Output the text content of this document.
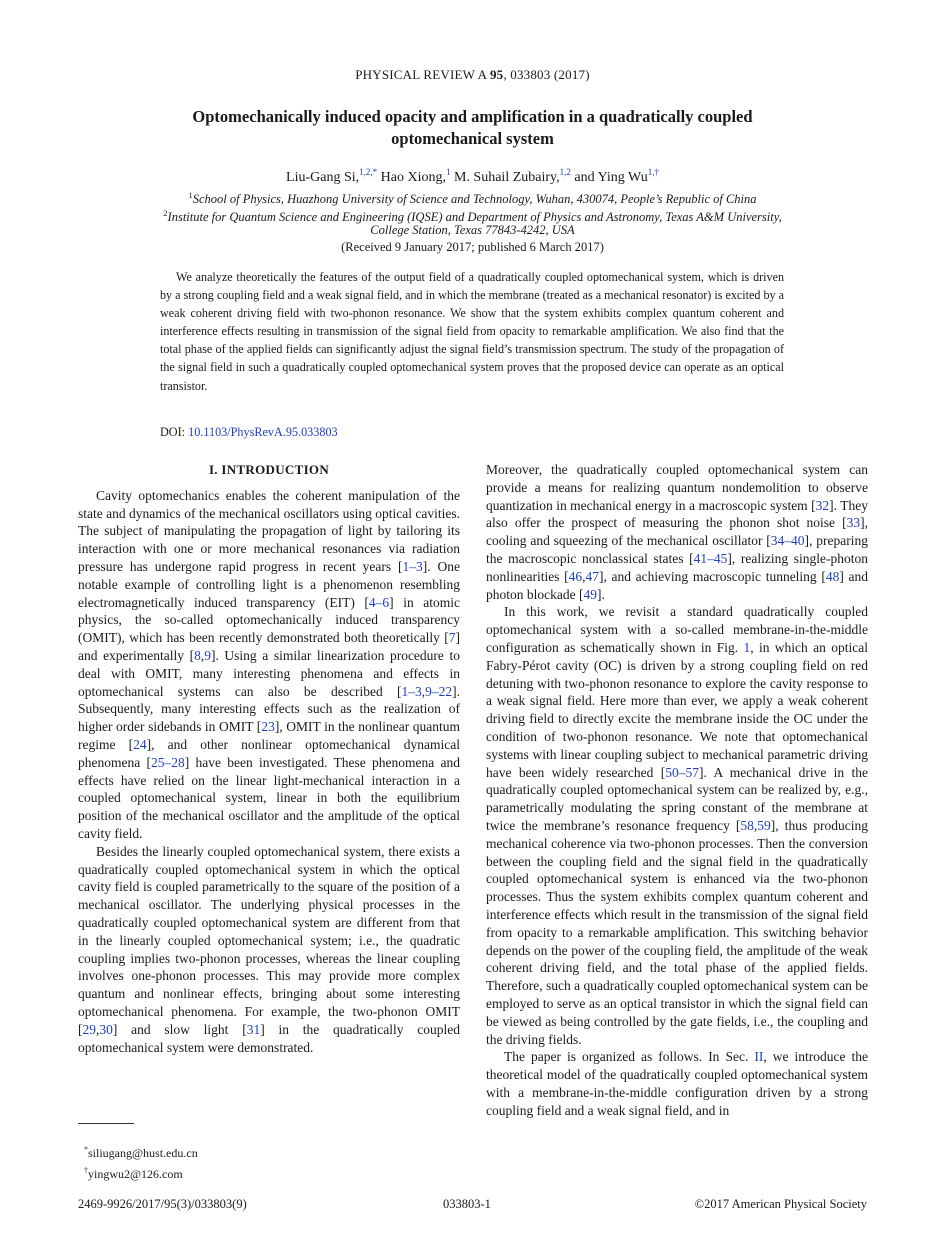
PHYSICAL REVIEW A 95, 033803 (2017)
Optomechanically induced opacity and amplification in a quadratically coupled optomechanical system
Liu-Gang Si,$^{1,2,*}$ Hao Xiong,$^1$ M. Suhail Zubairy,$^{1,2}$ and Ying $Wu^{1,\dagger}$
$^1$School of Physics, Huazhong University of Science and Technology, Wuhan, 430074, People’s Republic of China
$^2$Institute for Quantum Science and Engineering (IQSE) and Department of Physics and Astronomy, Texas A&M University,
College Station, Texas 77843-4242, USA
(Received 9 January 2017; published 6 March 2017)
We analyze theoretically the features of the output field of a quadratically coupled optomechanical system, which is driven by a strong coupling field and a weak signal field, and in which the membrane (treated as a mechanical resonator) is excited by a weak coherent driving field with two-phonon resonance. We show that the system exhibits complex quantum coherent and interference effects resulting in transmission of the signal field from opacity to remarkable amplification. We also find that the total phase of the applied fields can significantly adjust the signal field’s transmission spectrum. The study of the propagation of the signal field in such a quadratically coupled optomechanical system proves that the proposed device can operate as an optical transistor.
DOI: 10.1103/PhysRevA.95.033803
I. INTRODUCTION

Cavity optomechanics enables the coherent manipulation of the state and dynamics of the mechanical oscillators using optical cavities. The subject of manipulating the propagation of light by tailoring its interaction with one or more mechanical resonances via radiation pressure has undergone rapid progress in recent years [1–3]. One notable example of controlling light is a phenomenon resembling electromagnetically induced transparency (EIT) [4–6] in atomic physics, the so-called optomechanically induced transparency (OMIT), which has been recently demonstrated both theoretically [7] and experimentally [8,9]. Using a similar linearization procedure to deal with OMIT, many interesting phenomena and effects in optomechanical systems can also be described [1–3,9–22]. Subsequently, many interesting effects such as the realization of higher order sidebands in OMIT [23], OMIT in the nonlinear quantum regime [24], and other nonlinear optomechanical dynamical phenomena [25–28] have been investigated. These phenomena and effects have relied on the linear light-mechanical interaction in a coupled optomechanical system, linear in both the equilibrium position of the mechanical oscillator and the amplitude of the optical cavity field.

Besides the linearly coupled optomechanical system, there exists a quadratically coupled optomechanical system in which the optical cavity field is coupled parametrically to the square of the position of a mechanical oscillator. The underlying physical processes in the quadratically coupled optomechanical system are different from that in the linearly coupled optomechanical system; i.e., the quadratic coupling implies two-phonon processes, whereas the linear coupling involves one-phonon processes. This may provide more complex quantum and nonlinear effects, bringing about some interesting optomechanical phenomena. For example, the two-phonon OMIT [29,30] and slow light [31] in the quadratically coupled optomechanical system were demonstrated.

Moreover, the quadratically coupled optomechanical system can provide a means for realizing quantum nondemolition to observe quantization in mechanical energy in a macroscopic system [32]. They also offer the prospect of measuring the phonon shot noise [33], cooling and squeezing of the mechanical oscillator [34–40], preparing the macroscopic nonclassical states [41–45], realizing single-photon nonlinearities [46,47], and achieving macroscopic tunneling [48] and photon blockade [49].

In this work, we revisit a standard quadratically coupled optomechanical system with a so-called membrane-in-the-middle configuration as schematically shown in Fig. 1, in which an optical Fabry-Pérot cavity (OC) is driven by a strong coupling field on red detuning with two-phonon resonance to explore the cavity response to a weak signal field. Here more than ever, we apply a weak coherent driving field to directly excite the membrane inside the OC under the condition of two-phonon resonance. We note that optomechanical systems with linear coupling subject to mechanical parametric driving have been widely researched [50–57]. A mechanical drive in the quadratically coupled optomechanical system can be realized by, e.g., parametrically modulating the spring constant of the membrane at twice the membrane’s resonance frequency [58,59], thus producing mechanical coherence via two-phonon processes. Then the conversion between the coupling field and the signal field in the quadratically coupled optomechanical system is enhanced via the two-phonon processes. Thus the system exhibits complex quantum coherent and interference effects which result in the transmission of the signal field from opacity to a remarkable amplification. This switching behavior depends on the power of the coupling field, the amplitude of the weak coherent driving field, and the total phase of the applied fields. Therefore, such a quadratically coupled optomechanical system can be employed to serve as an optical transistor in which the signal field can be viewed as being controlled by the gate fields, i.e., the coupling and the driving fields.

The paper is organized as follows. In Sec. II, we introduce the theoretical model of the quadratically coupled optomechanical system with a membrane-in-the-middle configuration driven by a strong coupling field and a weak signal field, and in

*siliugang@hust.edu.cn
†yingwu2@126.com
2469-9926/2017/95(3)/033803(9)	033803-1	©2017 American Physical Society
